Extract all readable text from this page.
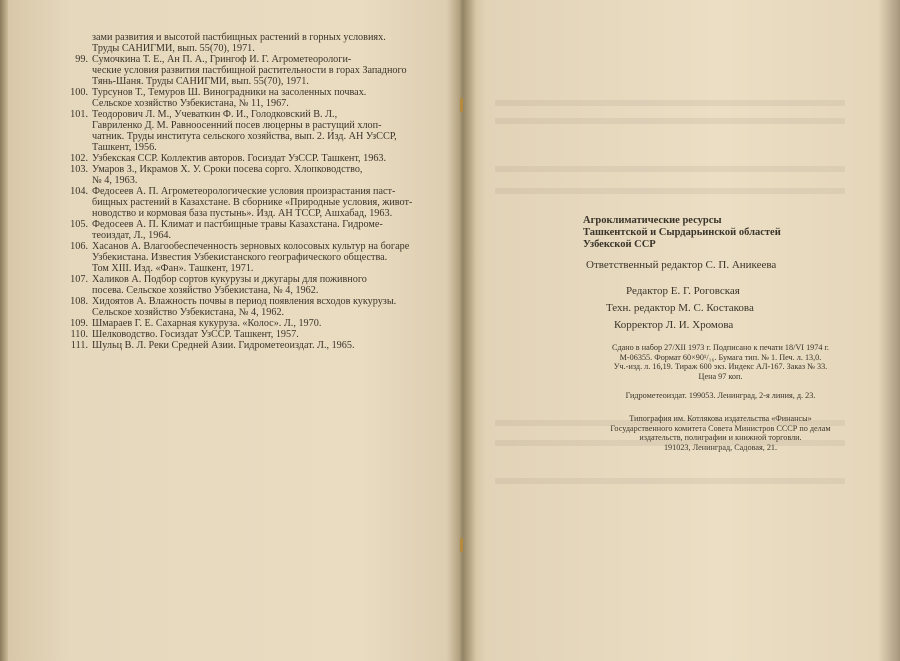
зами развития и высотой пастбищных растений в горных условиях.
Труды САНИГМИ, вып. 55(70), 1971.
99. Сумочкина Т. Е., Ан П. А., Грингоф И. Г. Агрометеорологи-
ческие условия развития пастбищной растительности в горах Западного
Тянь-Шаня. Труды САНИГМИ, вып. 55(70), 1971.
100. Турсунов Т., Темуров Ш. Виноградники на засоленных почвах.
Сельское хозяйство Узбекистана, № 11, 1967.
101. Теодорович Л. М., Учеваткин Ф. И., Голодковский В. Л.,
Гавриленко Д. М. Равноосенний посев люцерны в растущий хлоп-
чатник. Труды института сельского хозяйства, вып. 2. Изд. АН УзССР,
Ташкент, 1956.
102. Узбекская ССР. Коллектив авторов. Госиздат УзССР. Ташкент, 1963.
103. Умаров З., Икрамов Х. У. Сроки посева сорго. Хлопководство,
№ 4, 1963.
104. Федосеев А. П. Агрометеорологические условия произрастания паст-
бищных растений в Казахстане. В сборнике «Природные условия, живот-
новодство и кормовая база пустынь». Изд. АН ТССР, Ашхабад, 1963.
105. Федосеев А. П. Климат и пастбищные травы Казахстана. Гидроме-
теоиздат, Л., 1964.
106. Хасанов А. Влагообеспеченность зерновых колосовых культур на богаре
Узбекистана. Известия Узбекистанского географического общества.
Том XIII. Изд. «Фан». Ташкент, 1971.
107. Халиков А. Подбор сортов кукурузы и джугары для поживного
посева. Сельское хозяйство Узбекистана, № 4, 1962.
108. Хидоятов А. Влажность почвы в период появления всходов кукурузы.
Сельское хозяйство Узбекистана, № 4, 1962.
109. Шмарaев Г. Е. Сахарная кукуруза. «Колос». Л., 1970.
110. Шелководство. Госиздат УзССР. Ташкент, 1957.
111. Шульц В. Л. Реки Средней Азии. Гидрометеоиздат. Л., 1965.
Агроклиматические ресурсы
Ташкентской и Сырдарьинской областей
Узбекской ССР
Ответственный редактор С. П. Аникеева
Редактор Е. Г. Роговская
Техн. редактор М. С. Костакова
Корректор Л. И. Хромова
Сдано в набор 27/XII 1973 г. Подписано к печати 18/VI 1974 г.
М-06355. Формат 60×90¹/₁₆. Бумага тип. № 1. Печ. л. 13,0.
Уч.-изд. л. 16,19. Тираж 600 экз. Индекс АЛ-167. Заказ № 33.
Цена 97 коп.
Гидрометеоиздат. 199053. Ленинград, 2-я линия, д. 23.
Типография им. Котлякова издательства «Финансы»
Государственного комитета Совета Министров СССР по делам
издательств, полиграфии и книжной торговли.
191023, Ленинград, Садовая, 21.
